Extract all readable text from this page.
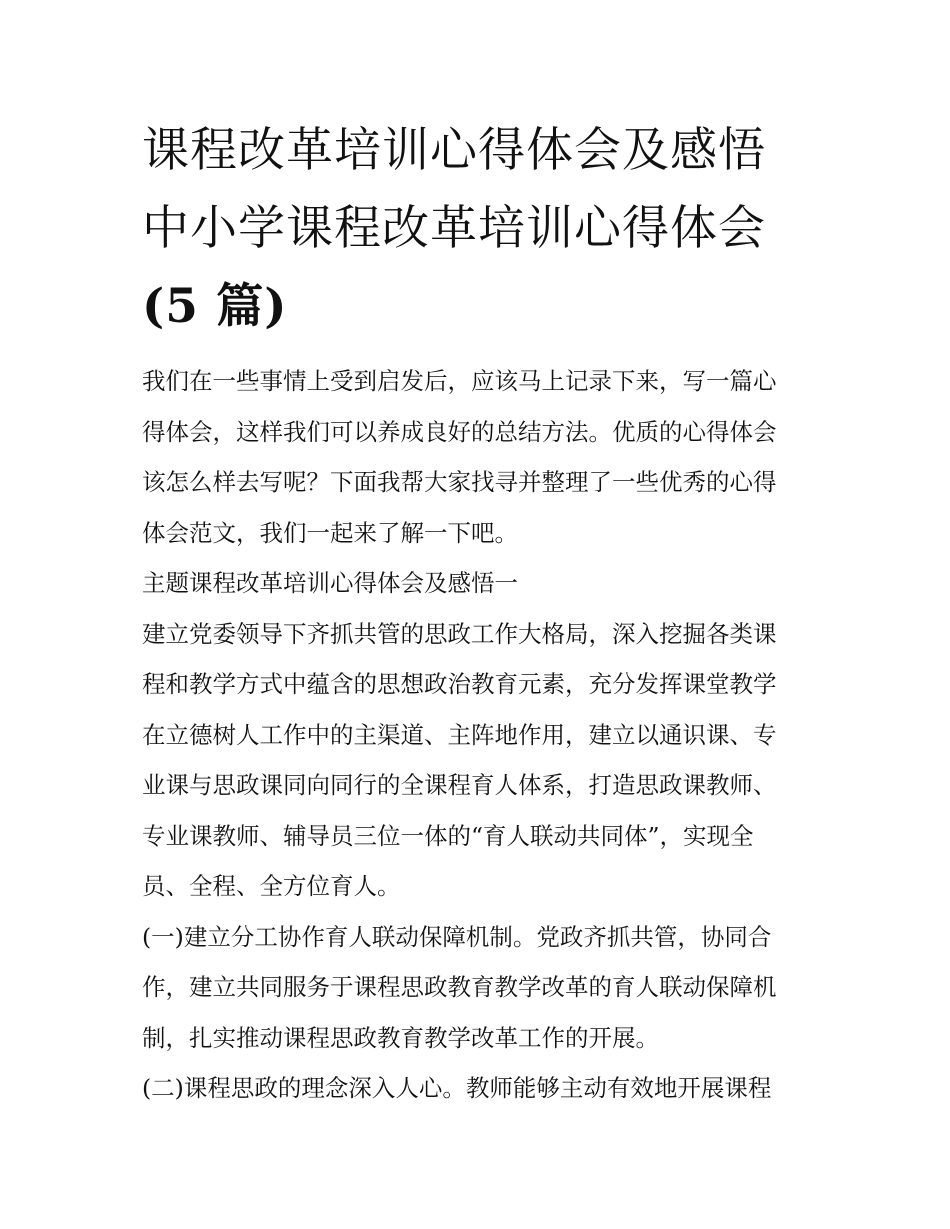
课程改革培训心得体会及感悟
中小学课程改革培训心得体会
(5 篇)
我们在一些事情上受到启发后，应该马上记录下来，写一篇心
得体会，这样我们可以养成良好的总结方法。优质的心得体会
该怎么样去写呢？下面我帮大家找寻并整理了一些优秀的心得
体会范文，我们一起来了解一下吧。
主题课程改革培训心得体会及感悟一
建立党委领导下齐抓共管的思政工作大格局，深入挖掘各类课
程和教学方式中蕴含的思想政治教育元素，充分发挥课堂教学
在立德树人工作中的主渠道、主阵地作用，建立以通识课、专
业课与思政课同向同行的全课程育人体系，打造思政课教师、
专业课教师、辅导员三位一体的“育人联动共同体”，实现全
员、全程、全方位育人。
(一)建立分工协作育人联动保障机制。党政齐抓共管，协同合
作，建立共同服务于课程思政教育教学改革的育人联动保障机
制，扎实推动课程思政教育教学改革工作的开展。
(二)课程思政的理念深入人心。教师能够主动有效地开展课程
